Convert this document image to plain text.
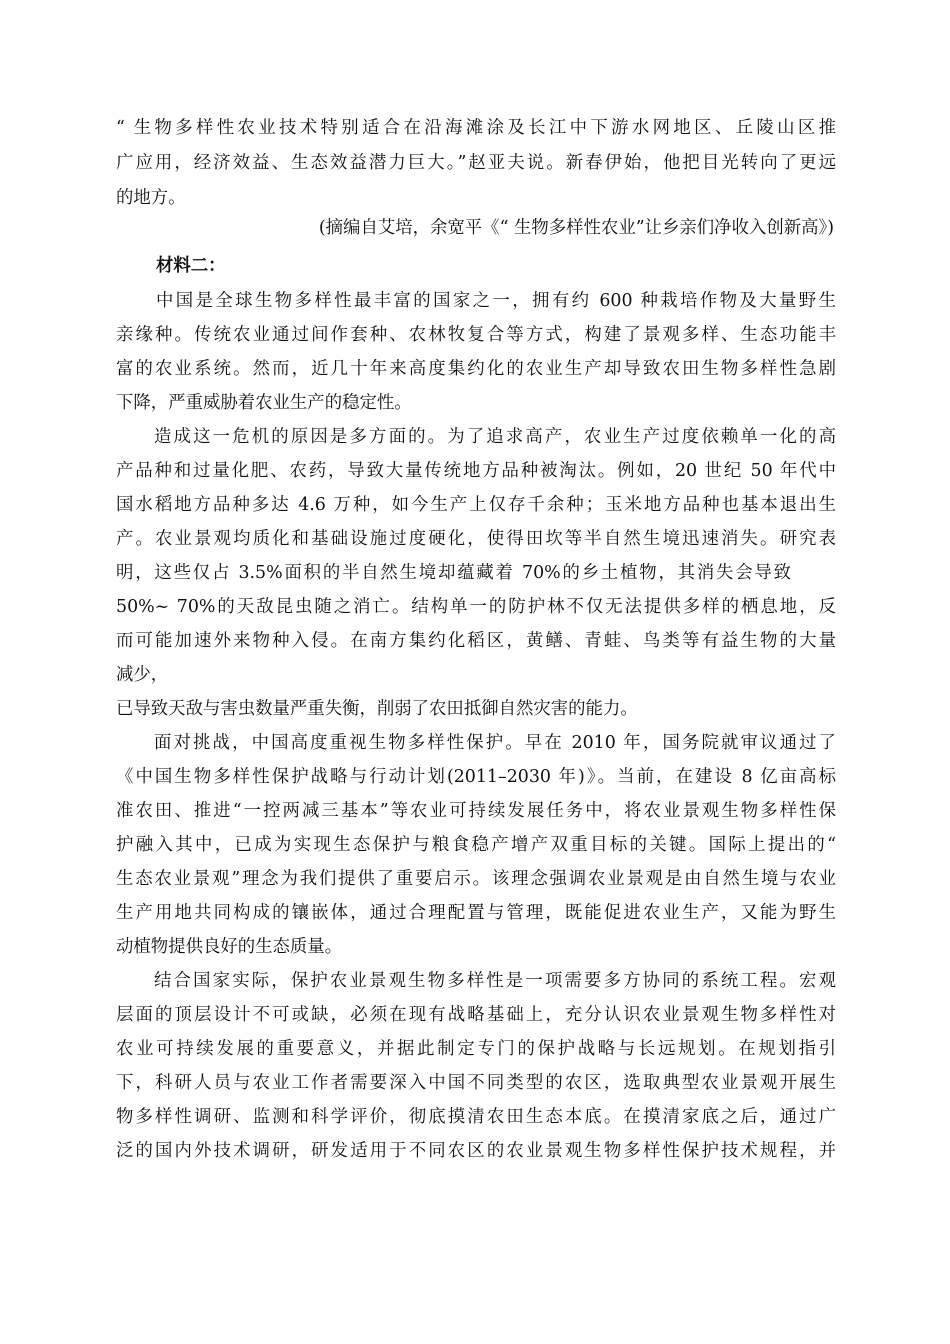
“ 生物多样性农业技术特别适合在沿海滩涂及长江中下游水网地区、丘陵山区推
广应用，经济效益、生态效益潜力巨大。”赵亚夫说。新春伊始，他把目光转向了更远
的地方。
(摘编自艾培，余宽平《“ 生物多样性农业”让乡亲们净收入创新高》)
材料二：
中国是全球生物多样性最丰富的国家之一，拥有约 600 种栽培作物及大量野生
亲缘种。传统农业通过间作套种、农林牧复合等方式，构建了景观多样、生态功能丰
富的农业系统。然而，近几十年来高度集约化的农业生产却导致农田生物多样性急剧
下降，严重威胁着农业生产的稳定性。
造成这一危机的原因是多方面的。为了追求高产，农业生产过度依赖单一化的高
产品种和过量化肥、农药，导致大量传统地方品种被淘汰。例如，20 世纪 50 年代中
国水稻地方品种多达 4.6 万种，如今生产上仅存千余种；玉米地方品种也基本退出生
产。农业景观均质化和基础设施过度硬化，使得田坎等半自然生境迅速消失。研究表
明，这些仅占 3.5%面积的半自然生境却蕴藏着 70%的乡土植物，其消失会导致
50%~ 70%的天敌昆虫随之消亡。结构单一的防护林不仅无法提供多样的栖息地，反
而可能加速外来物种入侵。在南方集约化稻区，黄鳝、青蛙、鸟类等有益生物的大量
减少，
已导致天敌与害虫数量严重失衡，削弱了农田抵御自然灾害的能力。
面对挑战，中国高度重视生物多样性保护。早在 2010 年，国务院就审议通过了
《中国生物多样性保护战略与行动计划(2011–2030 年)》。当前，在建设 8 亿亩高标
准农田、推进“一控两减三基本”等农业可持续发展任务中，将农业景观生物多样性保
护融入其中，已成为实现生态保护与粮食稳产增产双重目标的关键。国际上提出的“
生态农业景观”理念为我们提供了重要启示。该理念强调农业景观是由自然生境与农业
生产用地共同构成的镶嵌体，通过合理配置与管理，既能促进农业生产，又能为野生
动植物提供良好的生态质量。
结合国家实际，保护农业景观生物多样性是一项需要多方协同的系统工程。宏观
层面的顶层设计不可或缺，必须在现有战略基础上，充分认识农业景观生物多样性对
农业可持续发展的重要意义，并据此制定专门的保护战略与长远规划。在规划指引
下，科研人员与农业工作者需要深入中国不同类型的农区，选取典型农业景观开展生
物多样性调研、监测和科学评价，彻底摸清农田生态本底。在摸清家底之后，通过广
泛的国内外技术调研，研发适用于不同农区的农业景观生物多样性保护技术规程，并
